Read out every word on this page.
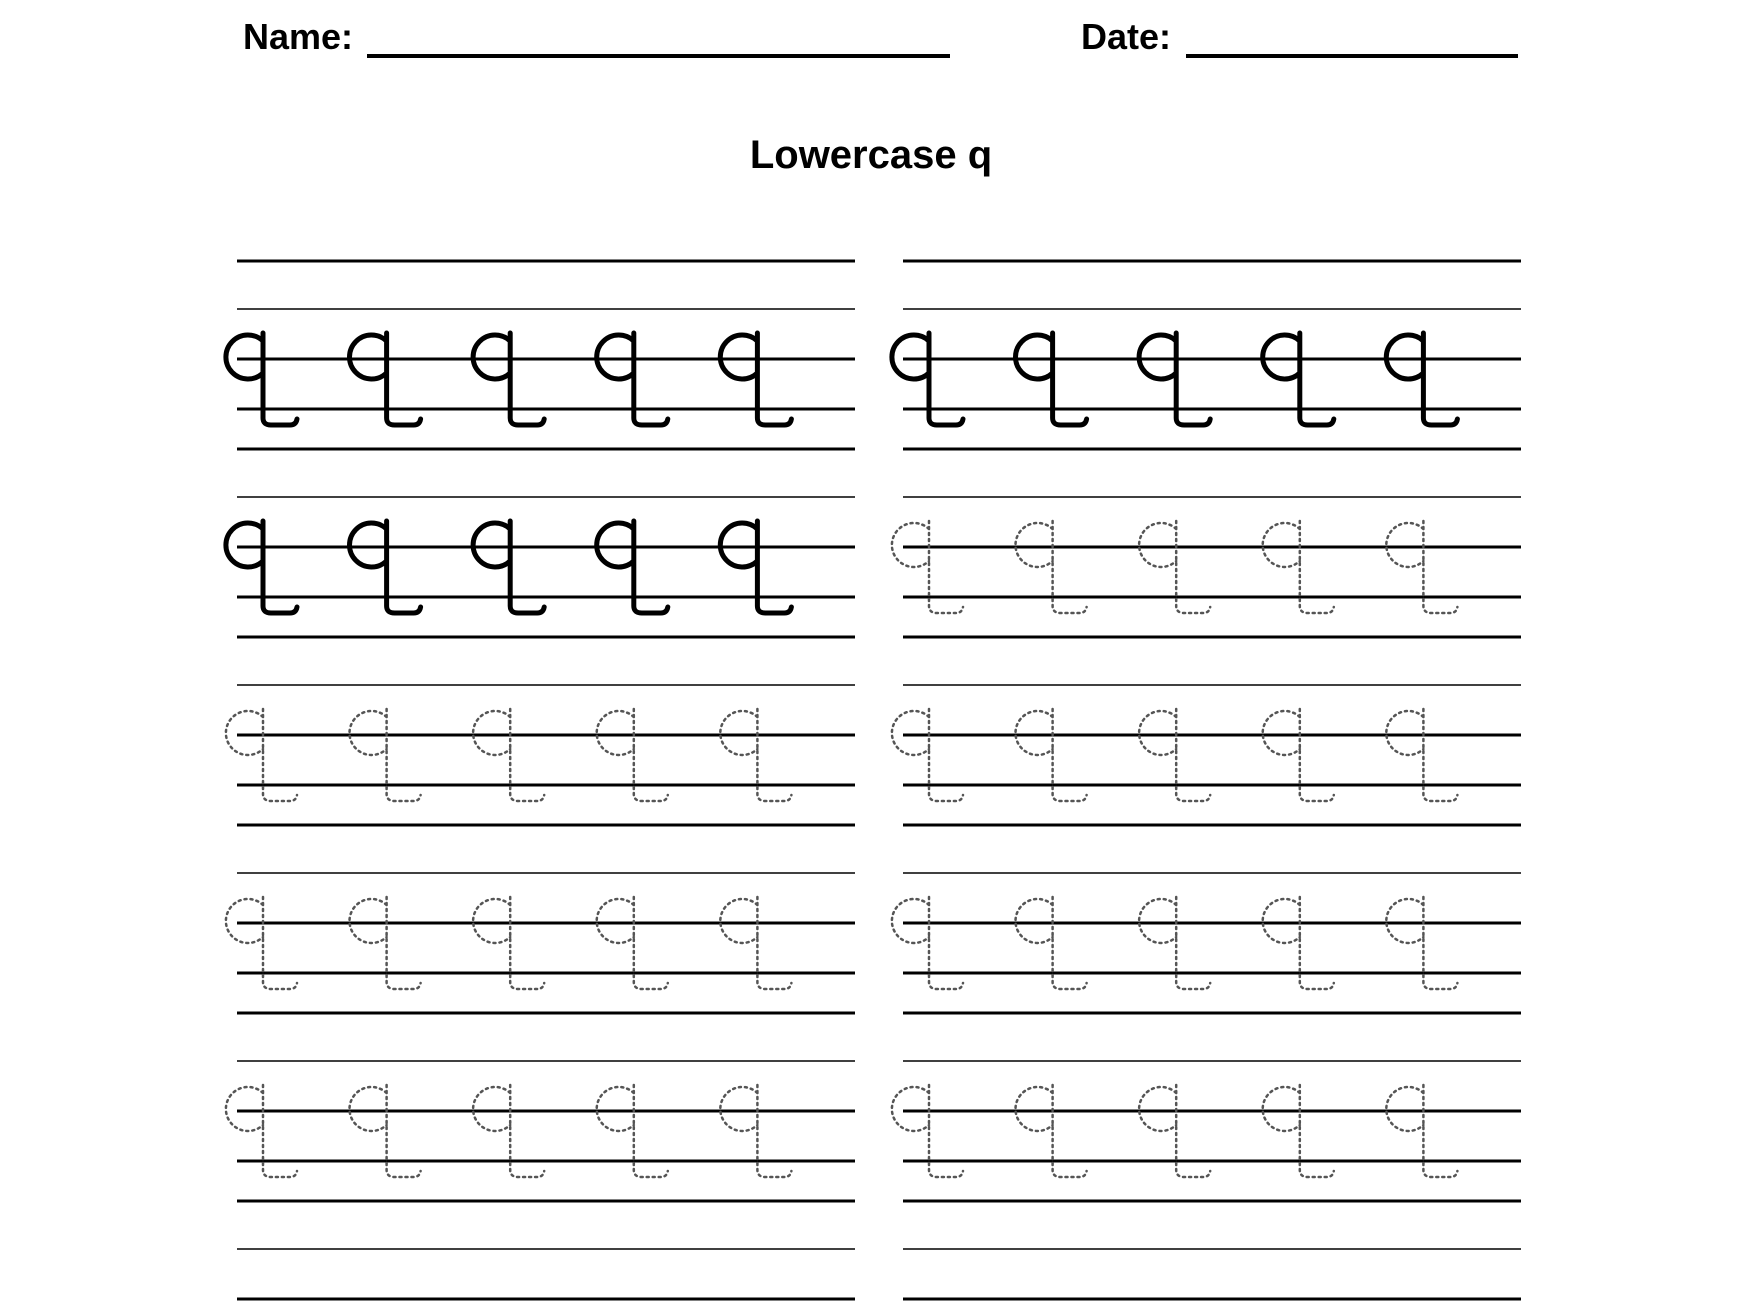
Name:	Date:
Lowercase q
